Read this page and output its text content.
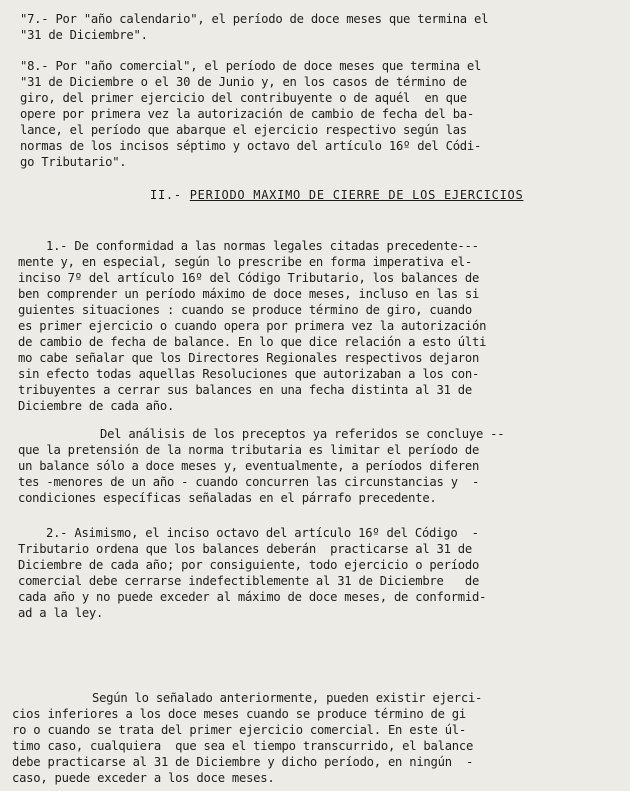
"7.- Por "año calendario", el período de doce meses que termina el
"31 de Diciembre".
"8.- Por "año comercial", el período de doce meses que termina el
"31 de Diciembre o el 30 de Junio y, en los casos de término de
giro, del primer ejercicio del contribuyente o de aquél  en que
opere por primera vez la autorización de cambio de fecha del ba-
lance, el período que abarque el ejercicio respectivo según las
normas de los incisos séptimo y octavo del artículo 16º del Códi-
go Tributario".
II.- PERIODO MAXIMO DE CIERRE DE LOS EJERCICIOS
1.- De conformidad a las normas legales citadas precedente---
mente y, en especial, según lo prescribe en forma imperativa el-
inciso 7º del artículo 16º del Código Tributario, los balances de
ben comprender un período máximo de doce meses, incluso en las si
guientes situaciones : cuando se produce término de giro, cuando
es primer ejercicio o cuando opera por primera vez la autorización
de cambio de fecha de balance. En lo que dice relación a esto últi
mo cabe señalar que los Directores Regionales respectivos dejaron
sin efecto todas aquellas Resoluciones que autorizaban a los con-
tribuyentes a cerrar sus balances en una fecha distinta al 31 de
Diciembre de cada año.
Del análisis de los preceptos ya referidos se concluye --
que la pretensión de la norma tributaria es limitar el período de
un balance sólo a doce meses y, eventualmente, a períodos diferen
tes -menores de un año - cuando concurren las circunstancias y  -
condiciones específicas señaladas en el párrafo precedente.
2.- Asimismo, el inciso octavo del artículo 16º del Código  -
Tributario ordena que los balances deberán  practicarse al 31 de
Diciembre de cada año; por consiguiente, todo ejercicio o período
comercial debe cerrarse indefectiblemente al 31 de Diciembre   de
cada año y no puede exceder al máximo de doce meses, de conformid-
ad a la ley.
Según lo señalado anteriormente, pueden existir ejerci-
cios inferiores a los doce meses cuando se produce término de gi
ro o cuando se trata del primer ejercicio comercial. En este úl-
timo caso, cualquiera  que sea el tiempo transcurrido, el balance
debe practicarse al 31 de Diciembre y dicho período, en ningún  -
caso, puede exceder a los doce meses.
